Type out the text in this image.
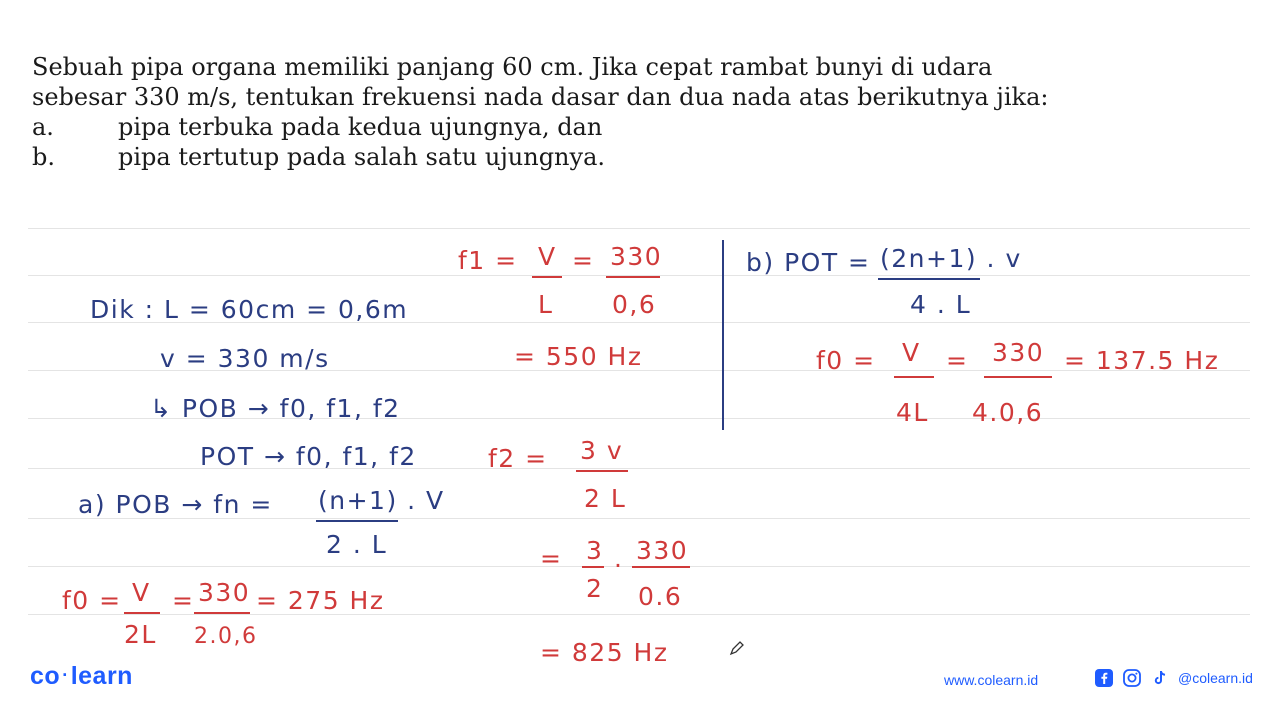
Sebuah pipa organa memiliki panjang 60 cm. Jika cepat rambat bunyi di udara
sebesar 330 m/s, tentukan frekuensi nada dasar dan dua nada atas berikutnya jika:
a.	pipa terbuka pada kedua ujungnya, dan
b.	pipa tertutup pada salah satu ujungnya.
Dik : L = 60cm = 0,6m
v = 330 m/s
↳ POB → f0, f1, f2
POT → f0, f1, f2
a) POB → fn = (n+1) . V
2 . L
f0 = V
2L
= 330
2.0,6
= 275 Hz
f1 = V
L
= 330
0,6
= 550 Hz
f2 = 3 v
2 L
= 3
2
. 330
0.6
= 825 Hz
b) POT = (2n+1) . v
4 . L
f0 = V
4L
= 330
4.0,6
= 137.5 Hz
co ·learn	www.colearn.id	@colearn.id
